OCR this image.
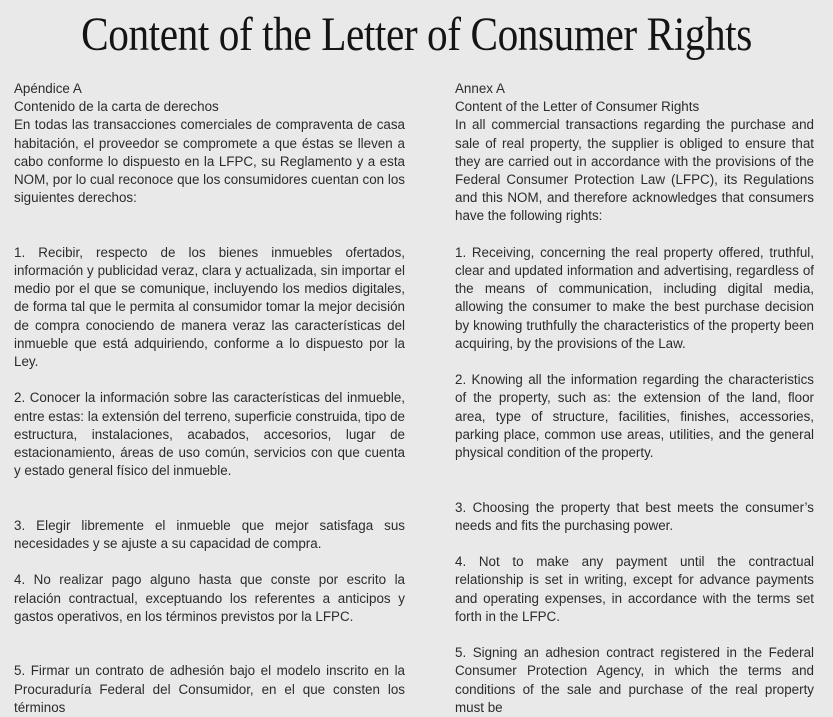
Content of the Letter of Consumer Rights

Apéndice A

Contenido de la carta de derechos

En todas las transacciones comerciales de compraventa de casa habitación, el proveedor se compromete a que éstas se lleven a cabo conforme lo dispuesto en la LFPC, su Reglamento y a esta NOM, por lo cual reconoce que los consumidores cuentan con los siguientes derechos:

1. Recibir, respecto de los bienes inmuebles ofertados, información y publicidad veraz, clara y actualizada, sin importar el medio por el que se comunique, incluyendo los medios digitales, de forma tal que le permita al consumidor tomar la mejor decisión de compra conociendo de manera veraz las características del inmueble que está adquiriendo, conforme a lo dispuesto por la Ley.

2. Conocer la información sobre las características del inmueble, entre estas: la extensión del terreno, superficie construida, tipo de estructura, instalaciones, acabados, accesorios, lugar de estacionamiento, áreas de uso común, servicios con que cuenta y estado general físico del inmueble.

3. Elegir libremente el inmueble que mejor satisfaga sus necesidades y se ajuste a su capacidad de compra.

4. No realizar pago alguno hasta que conste por escrito la relación contractual, exceptuando los referentes a anticipos y gastos operativos, en los términos previstos por la LFPC.

5. Firmar un contrato de adhesión bajo el modelo inscrito en la Procuraduría Federal del Consumidor, en el que consten los términos

Annex A

Content of the Letter of Consumer Rights

In all commercial transactions regarding the purchase and sale of real property, the supplier is obliged to ensure that they are carried out in accordance with the provisions of the Federal Consumer Protection Law (LFPC), its Regulations and this NOM, and therefore acknowledges that consumers have the following rights:

1. Receiving, concerning the real property offered, truthful, clear and updated information and advertising, regardless of the means of communication, including digital media, allowing the consumer to make the best purchase decision by knowing truthfully the characteristics of the property been acquiring, by the provisions of the Law.

2. Knowing all the information regarding the characteristics of the property, such as: the extension of the land, floor area, type of structure, facilities, finishes, accessories, parking place, common use areas, utilities, and the general physical condition of the property.

3. Choosing the property that best meets the consumer’s needs and fits the purchasing power.

4. Not to make any payment until the contractual relationship is set in writing, except for advance payments and operating expenses, in accordance with the terms set forth in the LFPC.

5. Signing an adhesion contract registered in the Federal Consumer Protection Agency, in which the terms and conditions of the sale and purchase of the real property must be
